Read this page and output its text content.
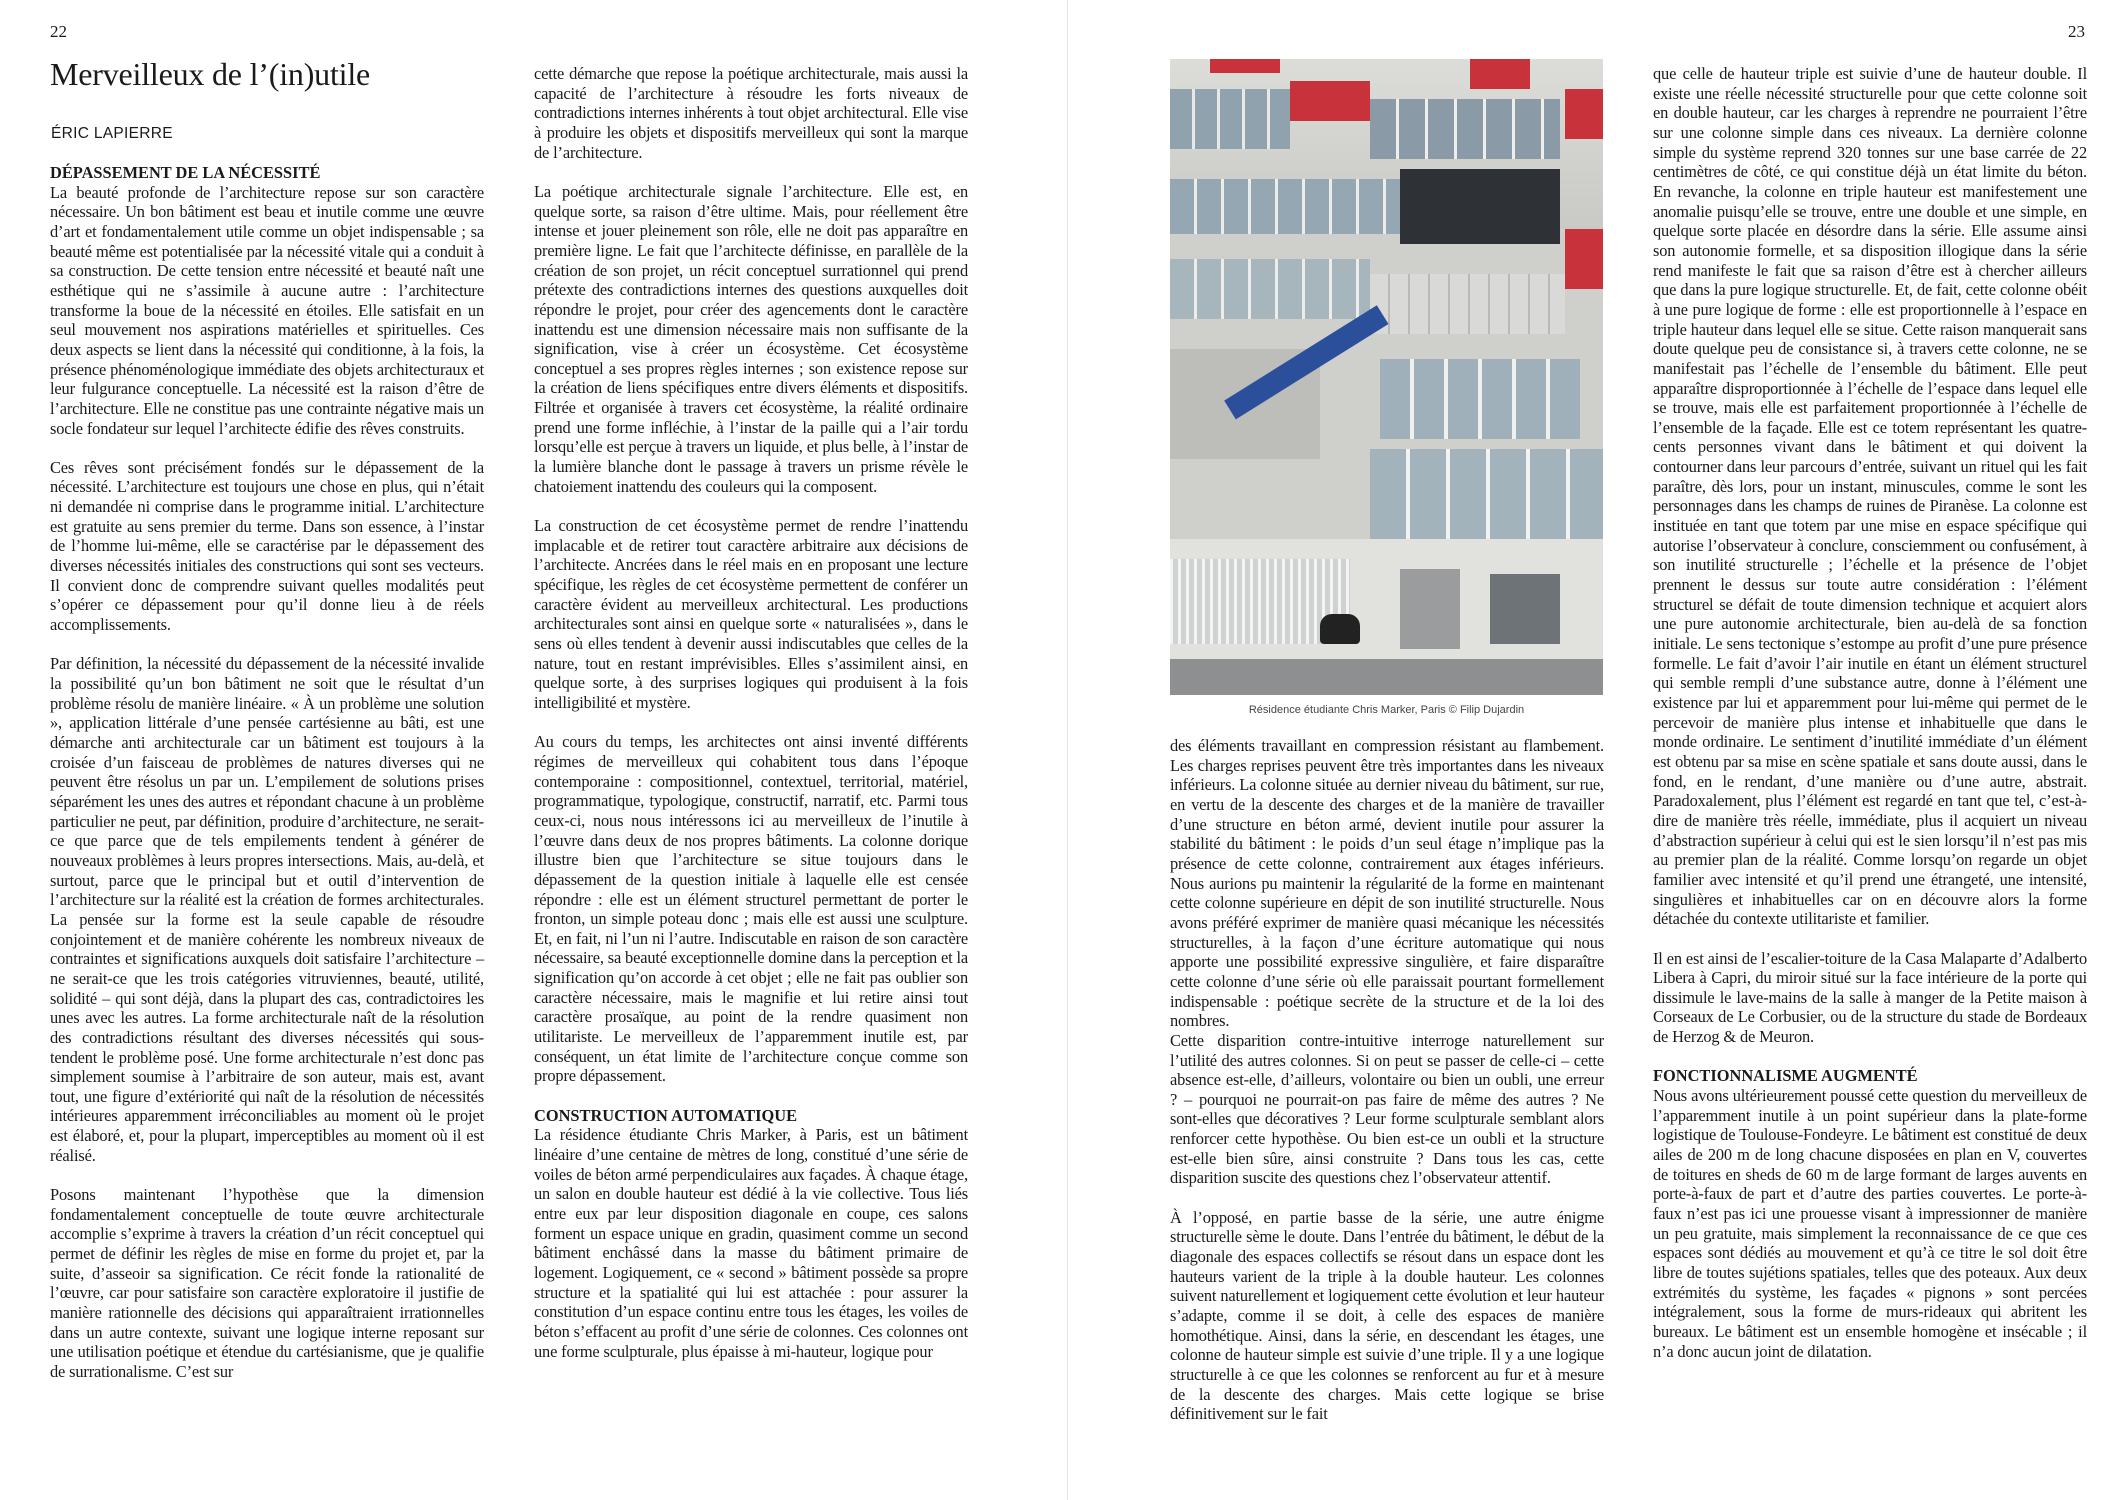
22
Merveilleux de l’(in)utile
ÉRIC LAPIERRE
DÉPASSEMENT DE LA NÉCESSITÉ

La beauté profonde de l’architecture repose sur son caractère nécessaire. Un bon bâtiment est beau et inutile comme une œuvre d’art et fondamentalement utile comme un objet indispensable ; sa beauté même est potentialisée par la nécessité vitale qui a conduit à sa construction. De cette tension entre nécessité et beauté naît une esthétique qui ne s’assimile à aucune autre : l’architecture transforme la boue de la nécessité en étoiles. Elle satisfait en un seul mouvement nos aspirations matérielles et spirituelles. Ces deux aspects se lient dans la nécessité qui conditionne, à la fois, la présence phénoménologique immédiate des objets architecturaux et leur fulgurance conceptuelle. La nécessité est la raison d’être de l’architecture. Elle ne constitue pas une contrainte négative mais un socle fondateur sur lequel l’architecte édifie des rêves construits.

Ces rêves sont précisément fondés sur le dépassement de la nécessité. L’architecture est toujours une chose en plus, qui n’était ni demandée ni comprise dans le programme initial. L’architecture est gratuite au sens premier du terme. Dans son essence, à l’instar de l’homme lui-même, elle se caractérise par le dépassement des diverses nécessités initiales des constructions qui sont ses vecteurs. Il convient donc de comprendre suivant quelles modalités peut s’opérer ce dépassement pour qu’il donne lieu à de réels accomplissements.

Par définition, la nécessité du dépassement de la nécessité invalide la possibilité qu’un bon bâtiment ne soit que le résultat d’un problème résolu de manière linéaire. « À un problème une solution », application littérale d’une pensée cartésienne au bâti, est une démarche anti architecturale car un bâtiment est toujours à la croisée d’un faisceau de problèmes de natures diverses qui ne peuvent être résolus un par un. L’empilement de solutions prises séparément les unes des autres et répondant chacune à un problème particulier ne peut, par définition, produire d’architecture, ne serait-ce que parce que de tels empilements tendent à générer de nouveaux problèmes à leurs propres intersections. Mais, au-delà, et surtout, parce que le principal but et outil d’intervention de l’architecture sur la réalité est la création de formes architecturales. La pensée sur la forme est la seule capable de résoudre conjointement et de manière cohérente les nombreux niveaux de contraintes et significations auxquels doit satisfaire l’architecture – ne serait-ce que les trois catégories vitruviennes, beauté, utilité, solidité – qui sont déjà, dans la plupart des cas, contradictoires les unes avec les autres. La forme architecturale naît de la résolution des contradictions résultant des diverses nécessités qui sous-tendent le problème posé. Une forme architecturale n’est donc pas simplement soumise à l’arbitraire de son auteur, mais est, avant tout, une figure d’extériorité qui naît de la résolution de nécessités intérieures apparemment irréconciliables au moment où le projet est élaboré, et, pour la plupart, imperceptibles au moment où il est réalisé.

Posons maintenant l’hypothèse que la dimension fondamentalement conceptuelle de toute œuvre architecturale accomplie s’exprime à travers la création d’un récit conceptuel qui permet de définir les règles de mise en forme du projet et, par la suite, d’asseoir sa signification. Ce récit fonde la rationalité de l’œuvre, car pour satisfaire son caractère exploratoire il justifie de manière rationnelle des décisions qui apparaîtraient irrationnelles dans un autre contexte, suivant une logique interne reposant sur une utilisation poétique et étendue du cartésianisme, que je qualifie de surrationalisme. C’est sur

cette démarche que repose la poétique architecturale, mais aussi la capacité de l’architecture à résoudre les forts niveaux de contradictions internes inhérents à tout objet architectural. Elle vise à produire les objets et dispositifs merveilleux qui sont la marque de l’architecture.

La poétique architecturale signale l’architecture. Elle est, en quelque sorte, sa raison d’être ultime. Mais, pour réellement être intense et jouer pleinement son rôle, elle ne doit pas apparaître en première ligne. Le fait que l’architecte définisse, en parallèle de la création de son projet, un récit conceptuel surrationnel qui prend prétexte des contradictions internes des questions auxquelles doit répondre le projet, pour créer des agencements dont le caractère inattendu est une dimension nécessaire mais non suffisante de la signification, vise à créer un écosystème. Cet écosystème conceptuel a ses propres règles internes ; son existence repose sur la création de liens spécifiques entre divers éléments et dispositifs. Filtrée et organisée à travers cet écosystème, la réalité ordinaire prend une forme infléchie, à l’instar de la paille qui a l’air tordu lorsqu’elle est perçue à travers un liquide, et plus belle, à l’instar de la lumière blanche dont le passage à travers un prisme révèle le chatoiement inattendu des couleurs qui la composent.

La construction de cet écosystème permet de rendre l’inattendu implacable et de retirer tout caractère arbitraire aux décisions de l’architecte. Ancrées dans le réel mais en en proposant une lecture spécifique, les règles de cet écosystème permettent de conférer un caractère évident au merveilleux architectural. Les productions architecturales sont ainsi en quelque sorte « naturalisées », dans le sens où elles tendent à devenir aussi indiscutables que celles de la nature, tout en restant imprévisibles. Elles s’assimilent ainsi, en quelque sorte, à des surprises logiques qui produisent à la fois intelligibilité et mystère.

Au cours du temps, les architectes ont ainsi inventé différents régimes de merveilleux qui cohabitent tous dans l’époque contemporaine : compositionnel, contextuel, territorial, matériel, programmatique, typologique, constructif, narratif, etc. Parmi tous ceux-ci, nous nous intéressons ici au merveilleux de l’inutile à l’œuvre dans deux de nos propres bâtiments. La colonne dorique illustre bien que l’architecture se situe toujours dans le dépassement de la question initiale à laquelle elle est censée répondre : elle est un élément structurel permettant de porter le fronton, un simple poteau donc ; mais elle est aussi une sculpture. Et, en fait, ni l’un ni l’autre. Indiscutable en raison de son caractère nécessaire, sa beauté exceptionnelle domine dans la perception et la signification qu’on accorde à cet objet ; elle ne fait pas oublier son caractère nécessaire, mais le magnifie et lui retire ainsi tout caractère prosaïque, au point de la rendre quasiment non utilitariste. Le merveilleux de l’apparemment inutile est, par conséquent, un état limite de l’architecture conçue comme son propre dépassement.

CONSTRUCTION AUTOMATIQUE

La résidence étudiante Chris Marker, à Paris, est un bâtiment linéaire d’une centaine de mètres de long, constitué d’une série de voiles de béton armé perpendiculaires aux façades. À chaque étage, un salon en double hauteur est dédié à la vie collective. Tous liés entre eux par leur disposition diagonale en coupe, ces salons forment un espace unique en gradin, quasiment comme un second bâtiment enchâssé dans la masse du bâtiment primaire de logement. Logiquement, ce « second » bâtiment possède sa propre structure et la spatialité qui lui est attachée : pour assurer la constitution d’un espace continu entre tous les étages, les voiles de béton s’effacent au profit d’une série de colonnes. Ces colonnes ont une forme sculpturale, plus épaisse à mi-hauteur, logique pour

23
Résidence étudiante Chris Marker, Paris © Filip Dujardin

des éléments travaillant en compression résistant au flambement. Les charges reprises peuvent être très importantes dans les niveaux inférieurs. La colonne située au dernier niveau du bâtiment, sur rue, en vertu de la descente des charges et de la manière de travailler d’une structure en béton armé, devient inutile pour assurer la stabilité du bâtiment : le poids d’un seul étage n’implique pas la présence de cette colonne, contrairement aux étages inférieurs. Nous aurions pu maintenir la régularité de la forme en maintenant cette colonne supérieure en dépit de son inutilité structurelle. Nous avons préféré exprimer de manière quasi mécanique les nécessités structurelles, à la façon d’une écriture automatique qui nous apporte une possibilité expressive singulière, et faire disparaître cette colonne d’une série où elle paraissait pourtant formellement indispensable : poétique secrète de la structure et de la loi des nombres.

Cette disparition contre-intuitive interroge naturellement sur l’utilité des autres colonnes. Si on peut se passer de celle-ci – cette absence est-elle, d’ailleurs, volontaire ou bien un oubli, une erreur ? – pourquoi ne pourrait-on pas faire de même des autres ? Ne sont-elles que décoratives ? Leur forme sculpturale semblant alors renforcer cette hypothèse. Ou bien est-ce un oubli et la structure est-elle bien sûre, ainsi construite ? Dans tous les cas, cette disparition suscite des questions chez l’observateur attentif.

À l’opposé, en partie basse de la série, une autre énigme structurelle sème le doute. Dans l’entrée du bâtiment, le début de la diagonale des espaces collectifs se résout dans un espace dont les hauteurs varient de la triple à la double hauteur. Les colonnes suivent naturellement et logiquement cette évolution et leur hauteur s’adapte, comme il se doit, à celle des espaces de manière homothétique. Ainsi, dans la série, en descendant les étages, une colonne de hauteur simple est suivie d’une triple. Il y a une logique structurelle à ce que les colonnes se renforcent au fur et à mesure de la descente des charges. Mais cette logique se brise définitivement sur le fait

que celle de hauteur triple est suivie d’une de hauteur double. Il existe une réelle nécessité structurelle pour que cette colonne soit en double hauteur, car les charges à reprendre ne pourraient l’être sur une colonne simple dans ces niveaux. La dernière colonne simple du système reprend 320 tonnes sur une base carrée de 22 centimètres de côté, ce qui constitue déjà un état limite du béton. En revanche, la colonne en triple hauteur est manifestement une anomalie puisqu’elle se trouve, entre une double et une simple, en quelque sorte placée en désordre dans la série. Elle assume ainsi son autonomie formelle, et sa disposition illogique dans la série rend manifeste le fait que sa raison d’être est à chercher ailleurs que dans la pure logique structurelle. Et, de fait, cette colonne obéit à une pure logique de forme : elle est proportionnelle à l’espace en triple hauteur dans lequel elle se situe. Cette raison manquerait sans doute quelque peu de consistance si, à travers cette colonne, ne se manifestait pas l’échelle de l’ensemble du bâtiment. Elle peut apparaître disproportionnée à l’échelle de l’espace dans lequel elle se trouve, mais elle est parfaitement proportionnée à l’échelle de l’ensemble de la façade. Elle est ce totem représentant les quatre-cents personnes vivant dans le bâtiment et qui doivent la contourner dans leur parcours d’entrée, suivant un rituel qui les fait paraître, dès lors, pour un instant, minuscules, comme le sont les personnages dans les champs de ruines de Piranèse. La colonne est instituée en tant que totem par une mise en espace spécifique qui autorise l’observateur à conclure, consciemment ou confusément, à son inutilité structurelle ; l’échelle et la présence de l’objet prennent le dessus sur toute autre considération : l’élément structurel se défait de toute dimension technique et acquiert alors une pure autonomie architecturale, bien au-delà de sa fonction initiale. Le sens tectonique s’estompe au profit d’une pure présence formelle. Le fait d’avoir l’air inutile en étant un élément structurel qui semble rempli d’une substance autre, donne à l’élément une existence par lui et apparemment pour lui-même qui permet de le percevoir de manière plus intense et inhabituelle que dans le monde ordinaire. Le sentiment d’inutilité immédiate d’un élément est obtenu par sa mise en scène spatiale et sans doute aussi, dans le fond, en le rendant, d’une manière ou d’une autre, abstrait. Paradoxalement, plus l’élément est regardé en tant que tel, c’est-à-dire de manière très réelle, immédiate, plus il acquiert un niveau d’abstraction supérieur à celui qui est le sien lorsqu’il n’est pas mis au premier plan de la réalité. Comme lorsqu’on regarde un objet familier avec intensité et qu’il prend une étrangeté, une intensité, singulières et inhabituelles car on en découvre alors la forme détachée du contexte utilitariste et familier.

Il en est ainsi de l’escalier-toiture de la Casa Malaparte d’Adalberto Libera à Capri, du miroir situé sur la face intérieure de la porte qui dissimule le lave-mains de la salle à manger de la Petite maison à Corseaux de Le Corbusier, ou de la structure du stade de Bordeaux de Herzog & de Meuron.

FONCTIONNALISME AUGMENTÉ

Nous avons ultérieurement poussé cette question du merveilleux de l’apparemment inutile à un point supérieur dans la plate-forme logistique de Toulouse-Fondeyre. Le bâtiment est constitué de deux ailes de 200 m de long chacune disposées en plan en V, couvertes de toitures en sheds de 60 m de large formant de larges auvents en porte-à-faux de part et d’autre des parties couvertes. Le porte-à-faux n’est pas ici une prouesse visant à impressionner de manière un peu gratuite, mais simplement la reconnaissance de ce que ces espaces sont dédiés au mouvement et qu’à ce titre le sol doit être libre de toutes sujétions spatiales, telles que des poteaux. Aux deux extrémités du système, les façades « pignons » sont percées intégralement, sous la forme de murs-rideaux qui abritent les bureaux. Le bâtiment est un ensemble homogène et insécable ; il n’a donc aucun joint de dilatation.
